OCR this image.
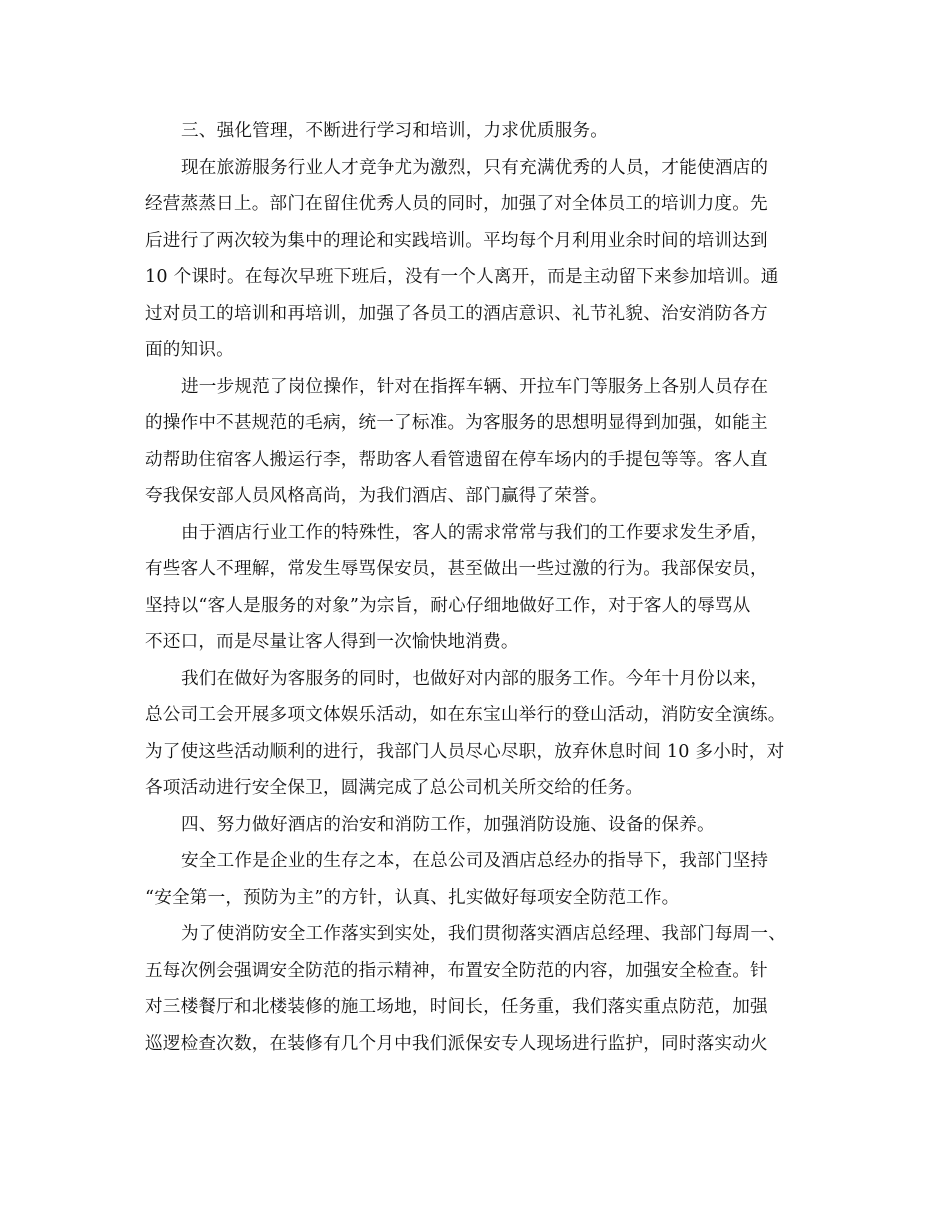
三、强化管理，不断进行学习和培训，力求优质服务。
现在旅游服务行业人才竞争尤为激烈，只有充满优秀的人员，才能使酒店的
经营蒸蒸日上。部门在留住优秀人员的同时，加强了对全体员工的培训力度。先
后进行了两次较为集中的理论和实践培训。平均每个月利用业余时间的培训达到
10 个课时。在每次早班下班后，没有一个人离开，而是主动留下来参加培训。通
过对员工的培训和再培训，加强了各员工的酒店意识、礼节礼貌、治安消防各方
面的知识。
进一步规范了岗位操作，针对在指挥车辆、开拉车门等服务上各别人员存在
的操作中不甚规范的毛病，统一了标准。为客服务的思想明显得到加强，如能主
动帮助住宿客人搬运行李，帮助客人看管遗留在停车场内的手提包等等。客人直
夸我保安部人员风格高尚，为我们酒店、部门赢得了荣誉。
由于酒店行业工作的特殊性，客人的需求常常与我们的工作要求发生矛盾，
有些客人不理解，常发生辱骂保安员，甚至做出一些过激的行为。我部保安员，
坚持以“客人是服务的对象”为宗旨，耐心仔细地做好工作，对于客人的辱骂从
不还口，而是尽量让客人得到一次愉快地消费。
我们在做好为客服务的同时，也做好对内部的服务工作。今年十月份以来，
总公司工会开展多项文体娱乐活动，如在东宝山举行的登山活动，消防安全演练。
为了使这些活动顺利的进行，我部门人员尽心尽职，放弃休息时间 10 多小时，对
各项活动进行安全保卫，圆满完成了总公司机关所交给的任务。
四、努力做好酒店的治安和消防工作，加强消防设施、设备的保养。
安全工作是企业的生存之本，在总公司及酒店总经办的指导下，我部门坚持
“安全第一，预防为主”的方针，认真、扎实做好每项安全防范工作。
为了使消防安全工作落实到实处，我们贯彻落实酒店总经理、我部门每周一、
五每次例会强调安全防范的指示精神，布置安全防范的内容，加强安全检查。针
对三楼餐厅和北楼装修的施工场地，时间长，任务重，我们落实重点防范，加强
巡逻检查次数，在装修有几个月中我们派保安专人现场进行监护，同时落实动火
